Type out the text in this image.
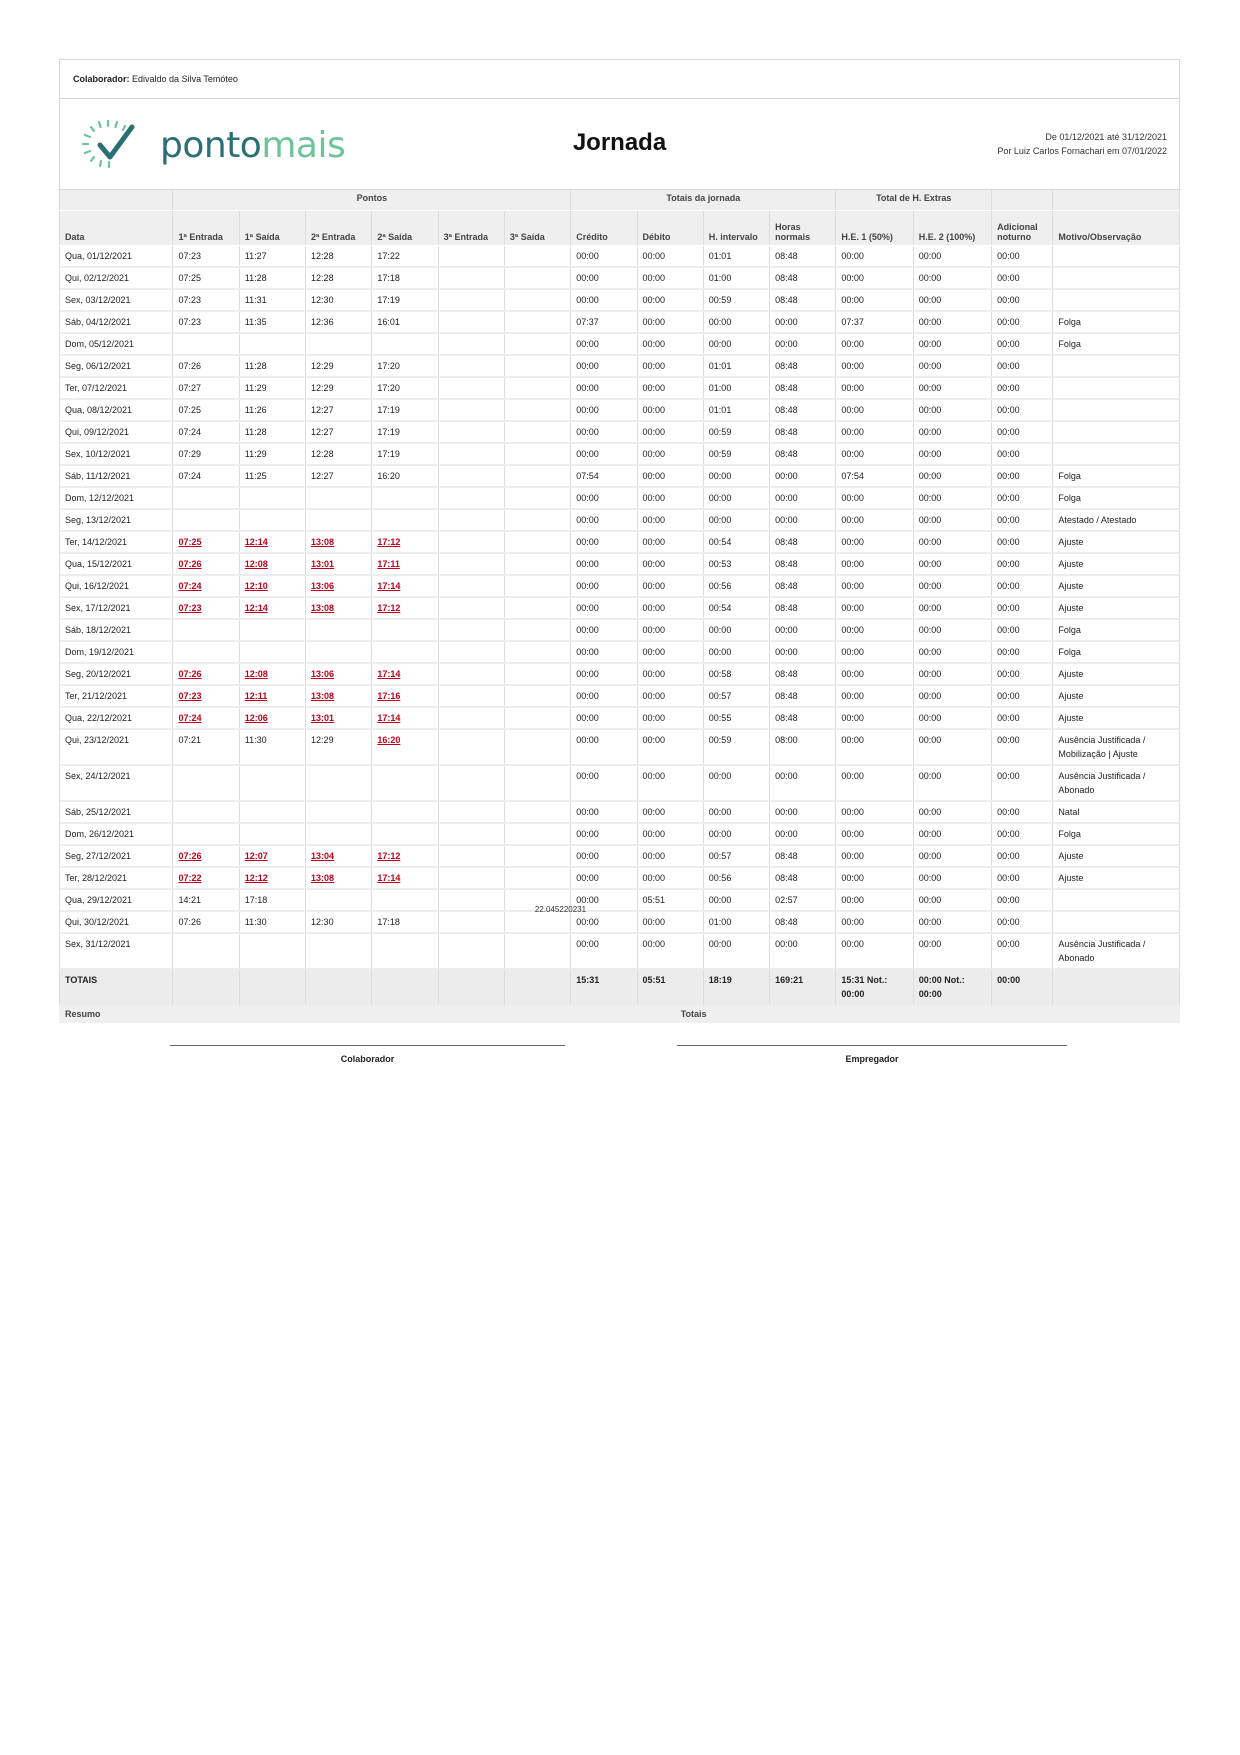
Colaborador: Edivaldo da Silva Temóteo
pontomais	Jornada	De 01/12/2021 até 31/12/2021
Por Luiz Carlos Fornachari em 07/01/2022
	Pontos						Totais da jornada				Total de H. Extras			
Data	1ª Entrada	1ª Saída	2ª Entrada	2ª Saída	3ª Entrada	3ª Saída	Crédito	Débito	H. intervalo	Horas normais	H.E. 1 (50%)	H.E. 2 (100%)	Adicional noturno	Motivo/Observação
Qua, 01/12/2021	07:23	11:27	12:28	17:22			00:00	00:00	01:01	08:48	00:00	00:00	00:00	
Qui, 02/12/2021	07:25	11:28	12:28	17:18			00:00	00:00	01:00	08:48	00:00	00:00	00:00	
Sex, 03/12/2021	07:23	11:31	12:30	17:19			00:00	00:00	00:59	08:48	00:00	00:00	00:00	
Sáb, 04/12/2021	07:23	11:35	12:36	16:01			07:37	00:00	00:00	00:00	07:37	00:00	00:00	Folga
Dom, 05/12/2021							00:00	00:00	00:00	00:00	00:00	00:00	00:00	Folga
Seg, 06/12/2021	07:26	11:28	12:29	17:20			00:00	00:00	01:01	08:48	00:00	00:00	00:00	
Ter, 07/12/2021	07:27	11:29	12:29	17:20			00:00	00:00	01:00	08:48	00:00	00:00	00:00	
Qua, 08/12/2021	07:25	11:26	12:27	17:19			00:00	00:00	01:01	08:48	00:00	00:00	00:00	
Qui, 09/12/2021	07:24	11:28	12:27	17:19			00:00	00:00	00:59	08:48	00:00	00:00	00:00	
Sex, 10/12/2021	07:29	11:29	12:28	17:19			00:00	00:00	00:59	08:48	00:00	00:00	00:00	
Sáb, 11/12/2021	07:24	11:25	12:27	16:20			07:54	00:00	00:00	00:00	07:54	00:00	00:00	Folga
Dom, 12/12/2021							00:00	00:00	00:00	00:00	00:00	00:00	00:00	Folga
Seg, 13/12/2021							00:00	00:00	00:00	00:00	00:00	00:00	00:00	Atestado / Atestado
Ter, 14/12/2021	07:25	12:14	13:08	17:12			00:00	00:00	00:54	08:48	00:00	00:00	00:00	Ajuste
Qua, 15/12/2021	07:26	12:08	13:01	17:11			00:00	00:00	00:53	08:48	00:00	00:00	00:00	Ajuste
Qui, 16/12/2021	07:24	12:10	13:06	17:14			00:00	00:00	00:56	08:48	00:00	00:00	00:00	Ajuste
Sex, 17/12/2021	07:23	12:14	13:08	17:12			00:00	00:00	00:54	08:48	00:00	00:00	00:00	Ajuste
Sáb, 18/12/2021							00:00	00:00	00:00	00:00	00:00	00:00	00:00	Folga
Dom, 19/12/2021							00:00	00:00	00:00	00:00	00:00	00:00	00:00	Folga
Seg, 20/12/2021	07:26	12:08	13:06	17:14			00:00	00:00	00:58	08:48	00:00	00:00	00:00	Ajuste
Ter, 21/12/2021	07:23	12:11	13:08	17:16			00:00	00:00	00:57	08:48	00:00	00:00	00:00	Ajuste
Qua, 22/12/2021	07:24	12:06	13:01	17:14			00:00	00:00	00:55	08:48	00:00	00:00	00:00	Ajuste
Qui, 23/12/2021	07:21	11:30	12:29	16:20			00:00	00:00	00:59	08:00	00:00	00:00	00:00	Ausência Justificada / Mobilização | Ajuste
Sex, 24/12/2021							00:00	00:00	00:00	00:00	00:00	00:00	00:00	Ausência Justificada / Abonado
Sáb, 25/12/2021							00:00	00:00	00:00	00:00	00:00	00:00	00:00	Natal
Dom, 26/12/2021							00:00	00:00	00:00	00:00	00:00	00:00	00:00	Folga
Seg, 27/12/2021	07:26	12:07	13:04	17:12			00:00	00:00	00:57	08:48	00:00	00:00	00:00	Ajuste
Ter, 28/12/2021	07:22	12:12	13:08	17:14			00:00	00:00	00:56	08:48	00:00	00:00	00:00	Ajuste
Qua, 29/12/2021	14:21	17:18					00:00	05:51	00:00	02:57	00:00	00:00	00:00	
Qui, 30/12/2021	07:26	11:30	12:30	17:18			00:00	00:00	01:00	08:48	00:00	00:00	00:00	
Sex, 31/12/2021							00:00	00:00	00:00	00:00	00:00	00:00	00:00	Ausência Justificada / Abonado
TOTAIS							15:31	05:51	18:19	169:21	15:31 Not.: 00:00	00:00 Not.: 00:00	00:00	
Resumo	Totais
22.045220231
Colaborador	Empregador
